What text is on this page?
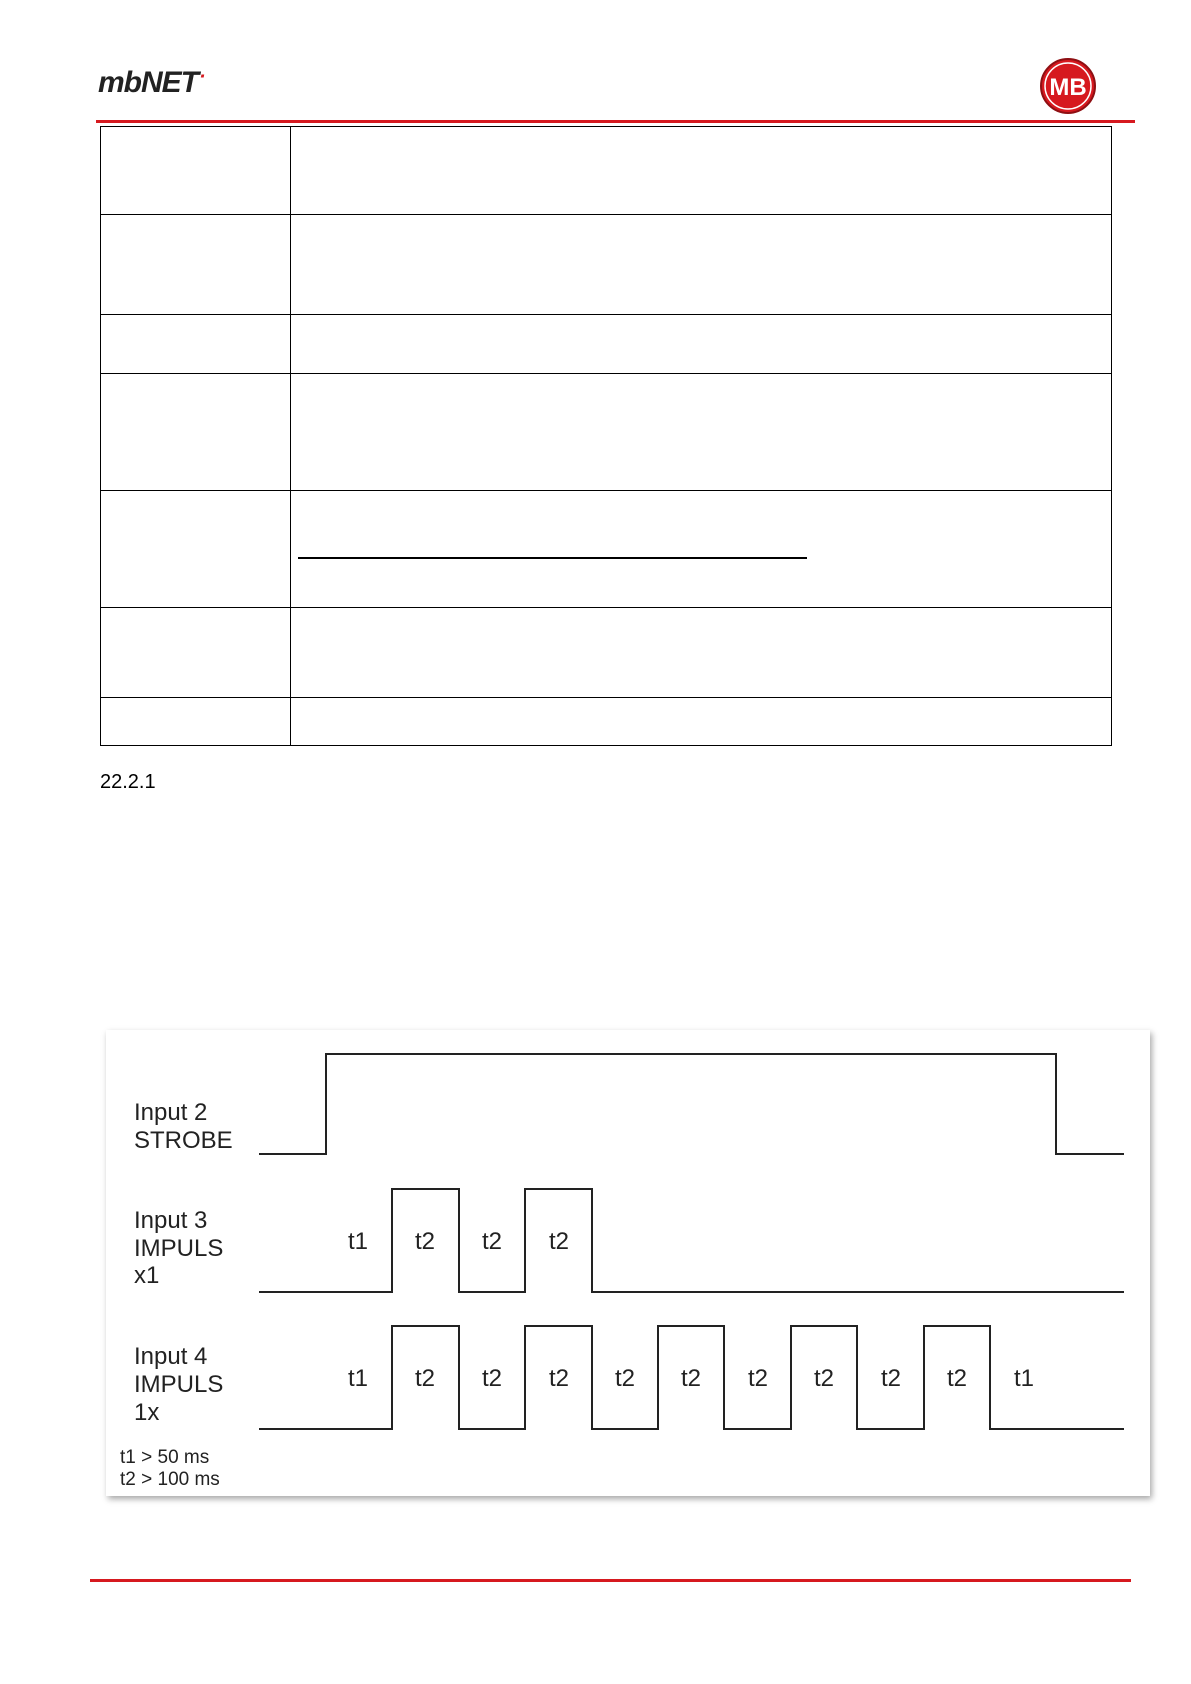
mbNET·	MB

22.2.1
Input 2
STROBE
Input 3
IMPULS
x1
Input 4
IMPULS
1x
t1 t2 t2 t2
t1 t2 t2 t2 t2 t2 t2 t2 t2 t2 t1
t1 > 50 ms
t2 > 100 ms
